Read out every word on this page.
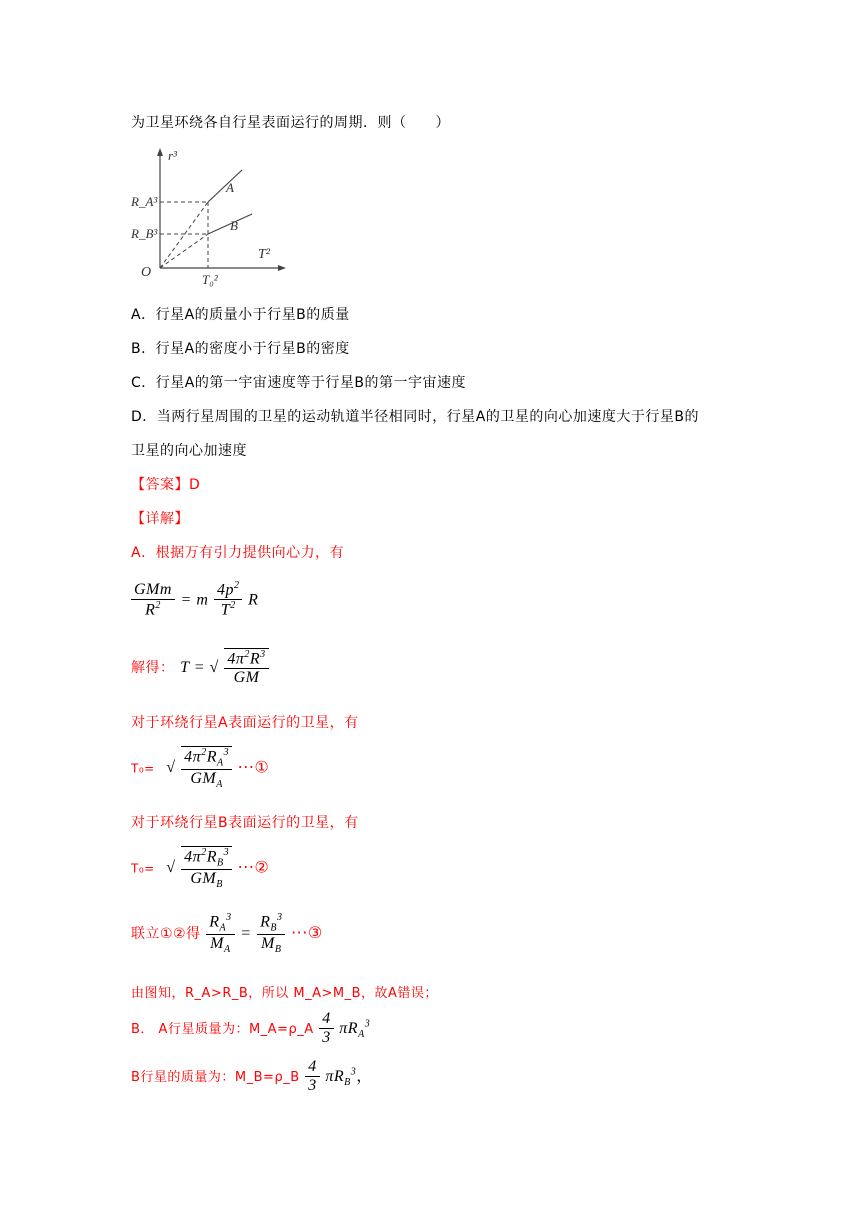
为卫星环绕各自行星表面运行的周期．则（　　）
r³
T²
O
A
B
R_A³
R_B³
T₀²
A．行星A的质量小于行星B的质量
B．行星A的密度小于行星B的密度
C．行星A的第一宇宙速度等于行星B的第一宇宙速度
D．当两行星周围的卫星的运动轨道半径相同时，行星A的卫星的向心加速度大于行星B的
卫星的向心加速度
【答案】D
【详解】
A．根据万有引力提供向心力，有
$\frac{\text{GMm}}{R^2} = m \frac{4p^2}{T^2}$ R
解得： T = √ $\frac{4\pi^2R^3}{GM}$
对于环绕行星A表面运行的卫星，有
T₀= √ $\frac{4\pi^2R_A^3}{GM_A}$ ···①
对于环绕行星B表面运行的卫星，有
T₀= √ $\frac{4\pi^2R_B^3}{GM_B}$ ···②
联立①②得 $\frac{R_A^3}{M_A} = \frac{R_B^3}{M_B}$ ···③
由图知，R_A>R_B，所以 M_A>M_B，故A错误；
B． A行星质量为：M_A=ρ_A $\frac{4}{3} \pi R_A^3$
B行星的质量为：M_B=ρ_B $\frac{4}{3} \pi R_B^3$，
